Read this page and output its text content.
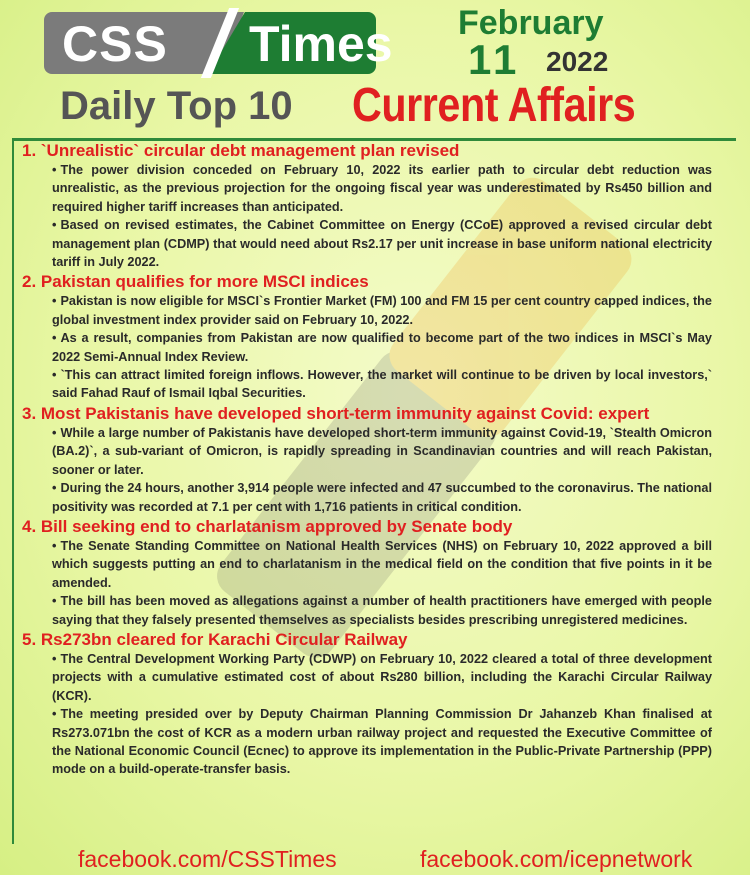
CSS Times February
11 2022
Daily Top 10 Current Affairs

1. `Unrealistic` circular debt management plan revised

• The power division conceded on February 10, 2022 its earlier path to circular debt reduction was unrealistic, as the previous projection for the ongoing fiscal year was underestimated by Rs450 billion and required higher tariff increases than anticipated.

• Based on revised estimates, the Cabinet Committee on Energy (CCoE) approved a revised circular debt management plan (CDMP) that would need about Rs2.17 per unit increase in base uniform national electricity tariff in July 2022.

2. Pakistan qualifies for more MSCI indices

• Pakistan is now eligible for MSCI`s Frontier Market (FM) 100 and FM 15 per cent country capped indices, the global investment index provider said on February 10, 2022.

• As a result, companies from Pakistan are now qualified to become part of the two indices in MSCI`s May 2022 Semi-Annual Index Review.

• `This can attract limited foreign inflows. However, the market will continue to be driven by local investors,` said Fahad Rauf of Ismail Iqbal Securities.

3. Most Pakistanis have developed short-term immunity against Covid: expert

• While a large number of Pakistanis have developed short-term immunity against Covid-19, `Stealth Omicron (BA.2)`, a sub-variant of Omicron, is rapidly spreading in Scandinavian countries and will reach Pakistan, sooner or later.

• During the 24 hours, another 3,914 people were infected and 47 succumbed to the coronavirus. The national positivity was recorded at 7.1 per cent with 1,716 patients in critical condition.

4. Bill seeking end to charlatanism approved by Senate body

• The Senate Standing Committee on National Health Services (NHS) on February 10, 2022 approved a bill which suggests putting an end to charlatanism in the medical field on the condition that five points in it be amended.

• The bill has been moved as allegations against a number of health practitioners have emerged with people saying that they falsely presented themselves as specialists besides prescribing unregistered medicines.

5. Rs273bn cleared for Karachi Circular Railway

• The Central Development Working Party (CDWP) on February 10, 2022 cleared a total of three development projects with a cumulative estimated cost of about Rs280 billion, including the Karachi Circular Railway (KCR).

• The meeting presided over by Deputy Chairman Planning Commission Dr Jahanzeb Khan finalised at Rs273.071bn the cost of KCR as a modern urban railway project and requested the Executive Committee of the National Economic Council (Ecnec) to approve its implementation in the Public-Private Partnership (PPP) mode on a build-operate-transfer basis.

facebook.com/CSSTimes	facebook.com/icepnetwork
